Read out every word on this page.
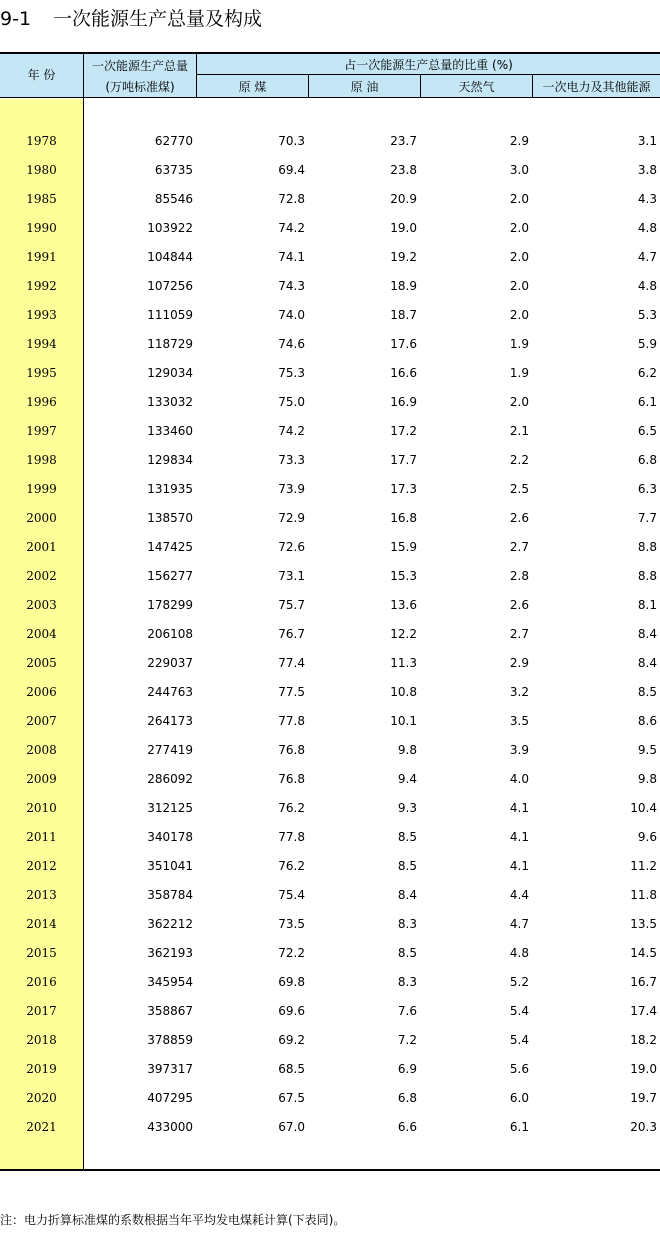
9-1 一次能源生产总量及构成
年 份
一次能源生产总量
(万吨标准煤)
占一次能源生产总量的比重 (%)
原 煤	原 油	天然气	一次电力及其他能源
1978	62770	70.3	23.7	2.9	3.1
1980	63735	69.4	23.8	3.0	3.8
1985	85546	72.8	20.9	2.0	4.3
1990	103922	74.2	19.0	2.0	4.8
1991	104844	74.1	19.2	2.0	4.7
1992	107256	74.3	18.9	2.0	4.8
1993	111059	74.0	18.7	2.0	5.3
1994	118729	74.6	17.6	1.9	5.9
1995	129034	75.3	16.6	1.9	6.2
1996	133032	75.0	16.9	2.0	6.1
1997	133460	74.2	17.2	2.1	6.5
1998	129834	73.3	17.7	2.2	6.8
1999	131935	73.9	17.3	2.5	6.3
2000	138570	72.9	16.8	2.6	7.7
2001	147425	72.6	15.9	2.7	8.8
2002	156277	73.1	15.3	2.8	8.8
2003	178299	75.7	13.6	2.6	8.1
2004	206108	76.7	12.2	2.7	8.4
2005	229037	77.4	11.3	2.9	8.4
2006	244763	77.5	10.8	3.2	8.5
2007	264173	77.8	10.1	3.5	8.6
2008	277419	76.8	9.8	3.9	9.5
2009	286092	76.8	9.4	4.0	9.8
2010	312125	76.2	9.3	4.1	10.4
2011	340178	77.8	8.5	4.1	9.6
2012	351041	76.2	8.5	4.1	11.2
2013	358784	75.4	8.4	4.4	11.8
2014	362212	73.5	8.3	4.7	13.5
2015	362193	72.2	8.5	4.8	14.5
2016	345954	69.8	8.3	5.2	16.7
2017	358867	69.6	7.6	5.4	17.4
2018	378859	69.2	7.2	5.4	18.2
2019	397317	68.5	6.9	5.6	19.0
2020	407295	67.5	6.8	6.0	19.7
2021	433000	67.0	6.6	6.1	20.3
注：电力折算标准煤的系数根据当年平均发电煤耗计算(下表同)。
